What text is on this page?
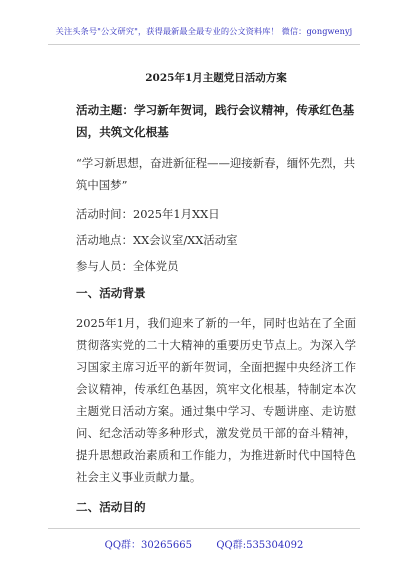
关注头条号"公文研究"，获得最新最全最专业的公文资料库！ 微信：gongwenyj
2025年1月主题党日活动方案
活动主题：学习新年贺词，践行会议精神，传承红色基因，共筑文化根基
“学习新思想，奋进新征程——迎接新春，缅怀先烈，共筑中国梦”
活动时间：2025年1月XX日
活动地点：XX会议室/XX活动室
参与人员：全体党员
一、活动背景
2025年1月，我们迎来了新的一年，同时也站在了全面贯彻落实党的二十大精神的重要历史节点上。为深入学习国家主席习近平的新年贺词，全面把握中央经济工作会议精神，传承红色基因，筑牢文化根基，特制定本次主题党日活动方案。通过集中学习、专题讲座、走访慰问、纪念活动等多种形式，激发党员干部的奋斗精神，提升思想政治素质和工作能力，为推进新时代中国特色社会主义事业贡献力量。
二、活动目的
QQ群：30265665 QQ群:535304092
